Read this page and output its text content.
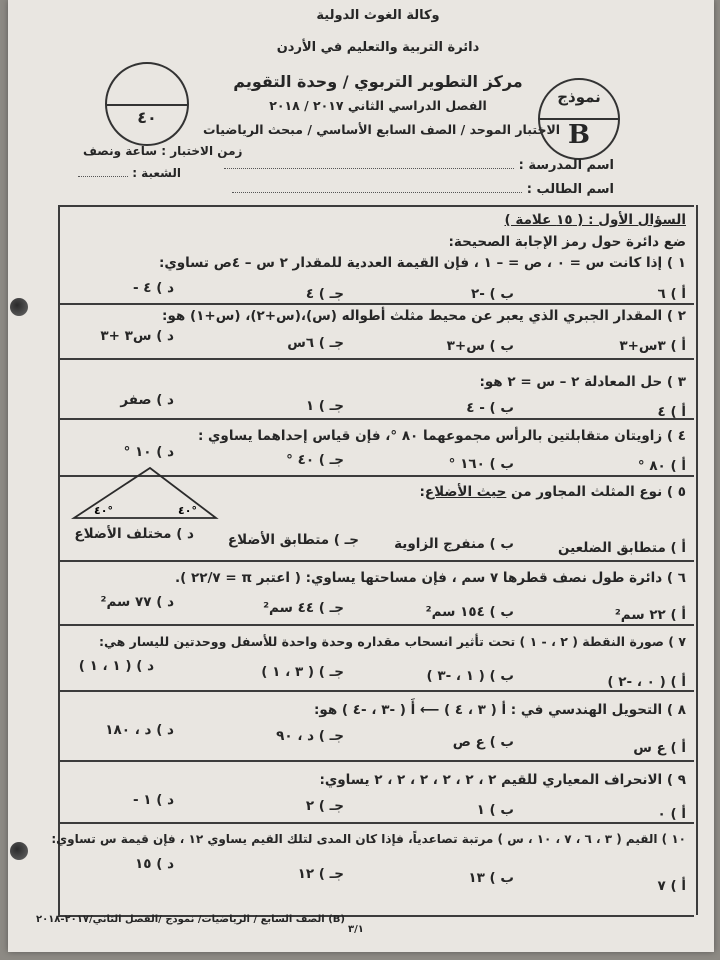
وكالة الغوث الدولية
دائرة التربية والتعليم في الأردن
مركز التطوير التربوي / وحدة التقويم
الفصل الدراسي الثاني ٢٠١٧ / ٢٠١٨
الاختبار الموحد / الصف السابع الأساسي / مبحث الرياضيات
٤٠
نموذج
B
اسم المدرسة :
اسم الطالب :
زمن الاختبار : ساعة ونصف
الشعبة :
السؤال الأول : ( ١٥ علامة )
ضع دائرة حول رمز الإجابة الصحيحة:
١ ) إذا كانت س = ٠ ، ص = – ١ ، فإن القيمة العددية للمقدار ٢ س – ٤ص تساوي:
أ ) ٦
ب ) -٢
جـ ) ٤
د ) ٤ -
٢ ) المقدار الجبري الذي يعبر عن محيط مثلث أطواله (س)،(س+٢)، (س+١) هو:
أ ) ٣س+٣
ب ) س+٣
جـ ) ٦س
د ) س٣ +٣
٣ ) حل المعادلة ٢ – س = ٢ هو:
أ ) ٤
ب ) - ٤
جـ ) ١
د ) صفر
٤ ) زاويتان متقابلتين بالرأس مجموعهما ٨٠ °، فإن قياس إحداهما يساوي :
أ ) ٨٠ °
ب ) ١٦٠ °
جـ ) ٤٠ °
د ) ١٠ °
٥ ) نوع المثلث المجاور من حيث الأضلاع:
٤٠°	٤٠°
أ ) متطابق الضلعين
ب ) منفرج الزاوية
جـ ) متطابق الأضلاع
د ) مختلف الأضلاع
٦ ) دائرة طول نصف قطرها ٧ سم ، فإن مساحتها يساوي: ( اعتبر π = ٢٢/٧ ).
أ ) ٢٢ سم²
ب ) ١٥٤ سم²
جـ ) ٤٤ سم²
د ) ٧٧ سم²
٧ ) صورة النقطة ( ٢ ، - ١ ) تحت تأثير انسحاب مقداره وحدة واحدة للأسفل ووحدتين لليسار هي:
أ ) ( ٠ ، -٢ )
ب ) ( ١ ، -٣ )
جـ ) ( ٣ ، ١ )
د ) ( ١ ، ١ )
٨ ) التحويل الهندسي في : أ ( ٣ ، ٤ ) ⟵ أَ ( -٣ ، -٤ ) هو:
أ ) ع س
ب ) ع ص
جـ ) د ، ٩٠
د ) د ، ١٨٠
٩ ) الانحراف المعياري للقيم ٢ ، ٢ ، ٢ ، ٢ ، ٢ ، ٢ يساوي:
أ ) ٠
ب ) ١
جـ ) ٢
د ) ١ -
١٠ ) القيم ( ٣ ، ٦ ، ٧ ، ١٠ ، س ) مرتبة تصاعدياً، فإذا كان المدى لتلك القيم يساوي ١٢ ، فإن قيمة س تساوي:
أ ) ٧
ب ) ١٣
جـ ) ١٢
د ) ١٥
٣/١
(B) الصف السابع / الرياضيات/ نموذج /الفصل الثاني/٢٠١٧-٢٠١٨
